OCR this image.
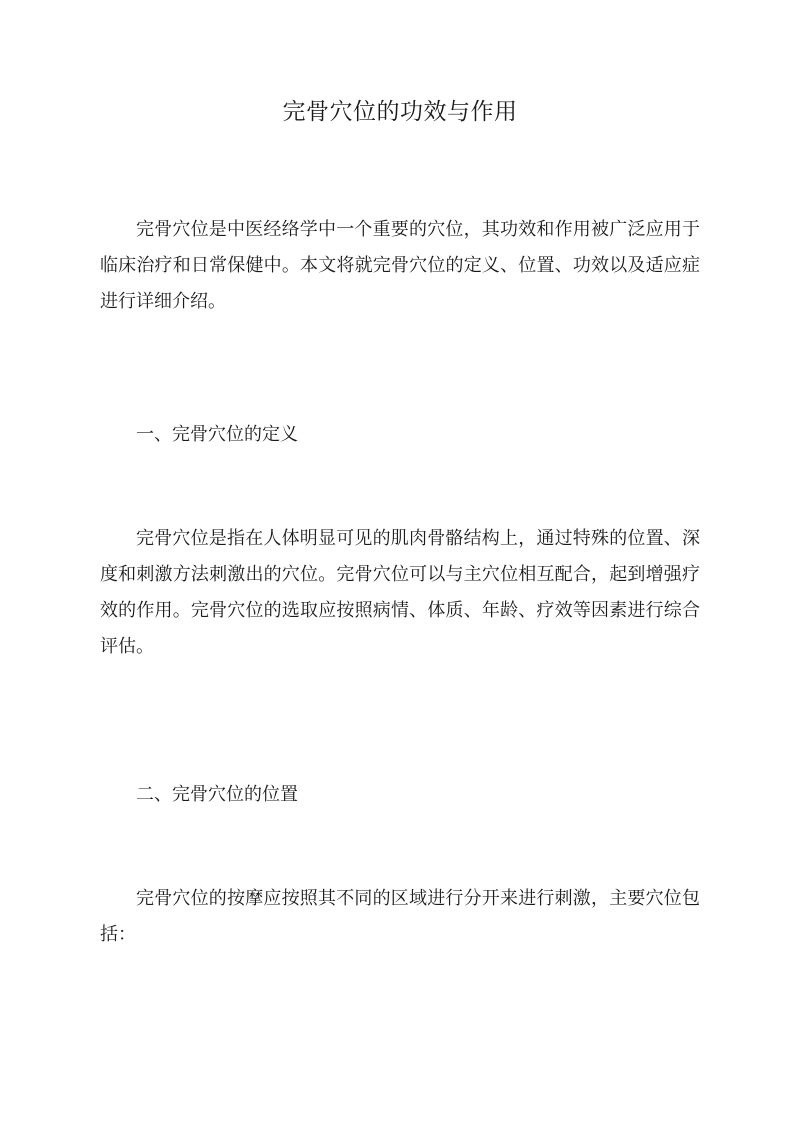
完骨穴位的功效与作用
完骨穴位是中医经络学中一个重要的穴位，其功效和作用被广泛应用于临床治疗和日常保健中。本文将就完骨穴位的定义、位置、功效以及适应症进行详细介绍。
一、完骨穴位的定义
完骨穴位是指在人体明显可见的肌肉骨骼结构上，通过特殊的位置、深度和刺激方法刺激出的穴位。完骨穴位可以与主穴位相互配合，起到增强疗效的作用。完骨穴位的选取应按照病情、体质、年龄、疗效等因素进行综合评估。
二、完骨穴位的位置
完骨穴位的按摩应按照其不同的区域进行分开来进行刺激，主要穴位包括：
